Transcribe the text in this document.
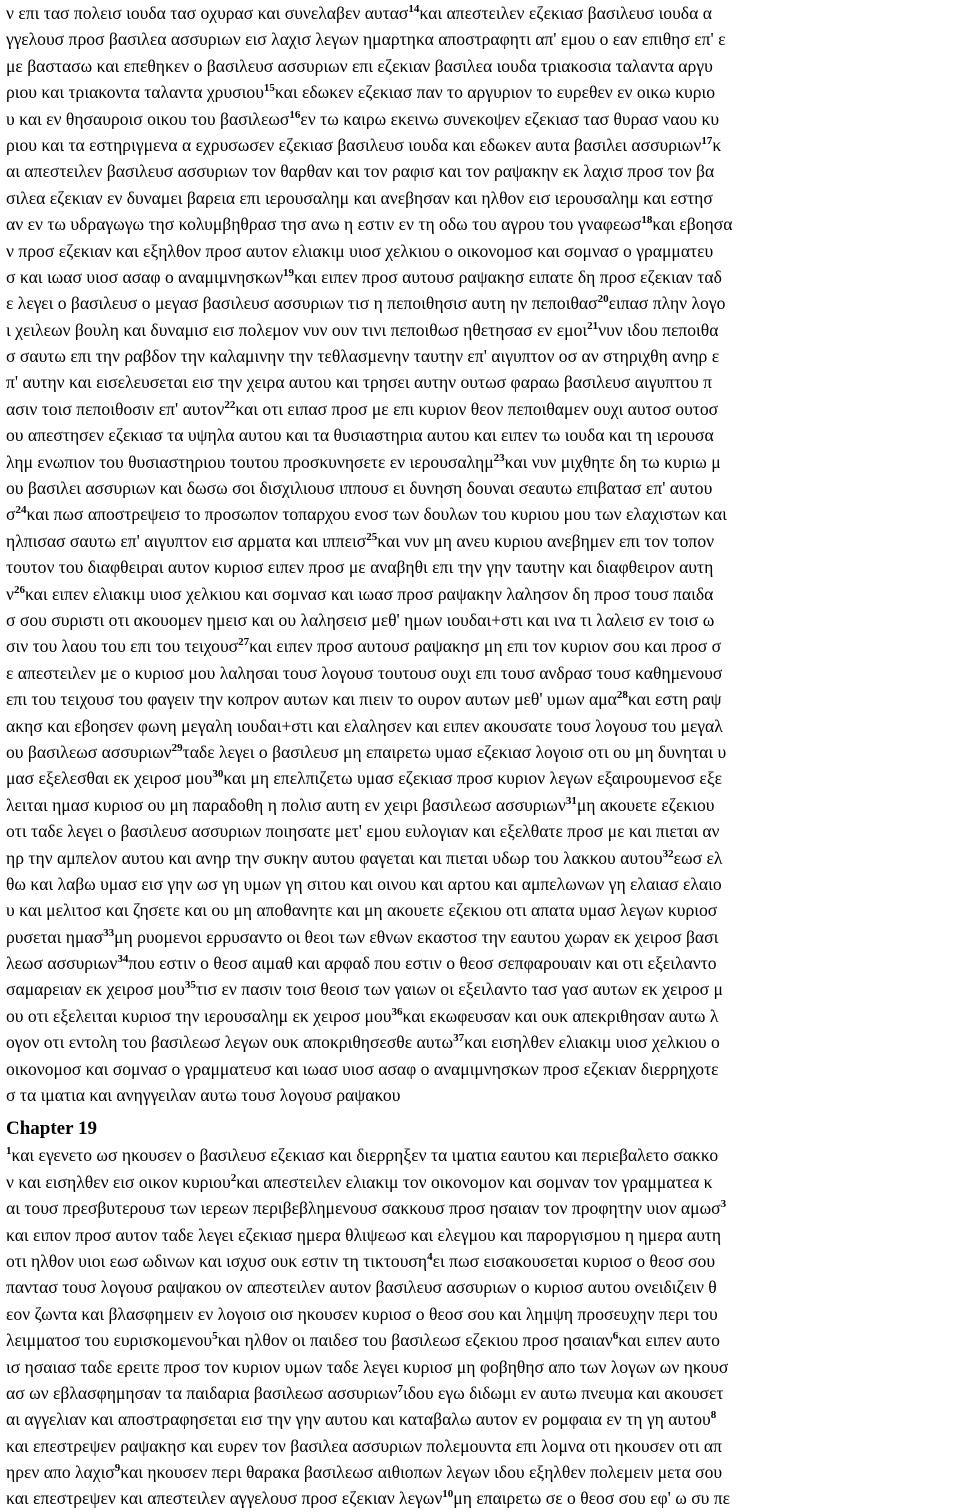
ν επι τασ πολεισ ιουδα τασ οχυρασ και συνελαβεν αυτασ$^{14}$και απεστειλεν εζεκιασ βασιλευσ ιουδα α
γγελουσ προσ βασιλεα ασσυριων εισ λαχισ λεγων ημαρτηκα αποστραφητι απ' εμου ο εαν επιθησ επ' ε
με βαστασω και επεθηκεν ο βασιλευσ ασσυριων επι εζεκιαν βασιλεα ιουδα τριακοσια ταλαντα αργυ
ριου και τριακοντα ταλαντα χρυσιου$^{15}$και εδωκεν εζεκιασ παν το αργυριον το ευρεθεν εν οικω κυριο
υ και εν θησαυροισ οικου του βασιλεωσ$^{16}$εν τω καιρω εκεινω συνεκοψεν εζεκιασ τασ θυρασ ναου κυ
ριου και τα εστηριγμενα α εχρυσωσεν εζεκιασ βασιλευσ ιουδα και εδωκεν αυτα βασιλει ασσυριων$^{17}$κ
αι απεστειλεν βασιλευσ ασσυριων τον θαρθαν και τον ραφισ και τον ραψακην εκ λαχισ προσ τον βα
σιλεα εζεκιαν εν δυναμει βαρεια επι ιερουσαλημ και ανεβησαν και ηλθον εισ ιερουσαλημ και εστησ
αν εν τω υδραγωγω τησ κολυμβηθρασ τησ ανω η εστιν εν τη οδω του αγρου του γναφεωσ$^{18}$και εβοησα
ν προσ εζεκιαν και εξηλθον προσ αυτον ελιακιμ υιοσ χελκιου ο οικονομοσ και σομνασ ο γραμματευ
σ και ιωασ υιοσ ασαφ ο αναμιμνησκων$^{19}$και ειπεν προσ αυτουσ ραψακησ ειπατε δη προσ εζεκιαν ταδ
ε λεγει ο βασιλευσ ο μεγασ βασιλευσ ασσυριων τισ η πεποιθησισ αυτη ην πεποιθασ$^{20}$ειπασ πλην λογο
ι χειλεων βουλη και δυναμισ εισ πολεμον νυν ουν τινι πεποιθωσ ηθετησασ εν εμοι$^{21}$νυν ιδου πεποιθα
σ σαυτω επι την ραβδον την καλαμινην την τεθλασμενην ταυτην επ' αιγυπτον οσ αν στηριχθη ανηρ ε
π' αυτην και εισελευσεται εισ την χειρα αυτου και τρησει αυτην ουτωσ φαραω βασιλευσ αιγυπτου π
ασιν τοισ πεποιθοσιν επ' αυτον$^{22}$και οτι ειπασ προσ με επι κυριον θεον πεποιθαμεν ουχι αυτοσ ουτοσ
ου απεστησεν εζεκιασ τα υψηλα αυτου και τα θυσιαστηρια αυτου και ειπεν τω ιουδα και τη ιερουσα
λημ ενωπιον του θυσιαστηριου τουτου προσκυνησετε εν ιερουσαλημ$^{23}$και νυν μιχθητε δη τω κυριω μ
ου βασιλει ασσυριων και δωσω σοι δισχιλιουσ ιππουσ ει δυνηση δουναι σεαυτω επιβατασ επ' αυτου
$\sigma^{24}\kappa\alpha\iota$ πωσ αποστρεψεισ το προσωπον τοπαρχου ενοσ των δουλων του κυριου μου των ελαχιστων και
ηλπισασ σαυτω επ' αιγυπτον εισ αρματα και ιππεισ$^{25}$και νυν μη ανευ κυριου ανεβημεν επι τον τοπον
τουτον του διαφθειραι αυτον κυριοσ ειπεν προσ με αναβηθι επι την γην ταυτην και διαφθειρον αυτη
$\nu^{26}\kappa\alpha\iota$ ειπεν ελιακιμ υιοσ χελκιου και σομνασ και ιωασ προσ ραψακην λαλησον δη προσ τουσ παιδα
σ σου συριστι οτι ακουομεν ημεισ και ου λαλησεισ μεθ' ημων ιουδαι+στι και ινα τι λαλεισ εν τοισ ω
σιν του λαου του επι του τειχουσ$^{27}$και ειπεν προσ αυτουσ ραψακησ μη επι τον κυριον σου και προσ σ
ε απεστειλεν με ο κυριοσ μου λαλησαι τουσ λογουσ τουτουσ ουχι επι τουσ ανδρασ τουσ καθημενουσ
επι του τειχουσ του φαγειν την κοπρον αυτων και πιειν το ουρον αυτων μεθ' υμων αμα$^{28}$και εστη ραψ
ακησ και εβοησεν φωνη μεγαλη ιουδαι+στι και ελαλησεν και ειπεν ακουσατε τουσ λογουσ του μεγαλ
ου βασιλεωσ ασσυριων$^{29}$ταδε λεγει ο βασιλευσ μη επαιρετω υμασ εζεκιασ λογοισ οτι ου μη δυνηται υ
μασ εξελεσθαι εκ χειροσ μου$^{30}$και μη επελπιζετω υμασ εζεκιασ προσ κυριον λεγων εξαιρουμενοσ εξε
λειται ημασ κυριοσ ου μη παραδοθη η πολισ αυτη εν χειρι βασιλεωσ ασσυριων$^{31}$μη ακουετε εζεκιου
οτι ταδε λεγει ο βασιλευσ ασσυριων ποιησατε μετ' εμου ευλογιαν και εξελθατε προσ με και πιεται αν
ηρ την αμπελον αυτου και ανηρ την συκην αυτου φαγεται και πιεται υδωρ του λακκου αυτου$^{32}$εωσ ελ
θω και λαβω υμασ εισ γην ωσ γη υμων γη σιτου και οινου και αρτου και αμπελωνων γη ελαιασ ελαιο
υ και μελιτοσ και ζησετε και ου μη αποθανητε και μη ακουετε εζεκιου οτι απατα υμασ λεγων κυριοσ
ρυσεται ημασ$^{33}$μη ρυομενοι ερρυσαντο οι θεοι των εθνων εκαστοσ την εαυτου χωραν εκ χειροσ βασι
λεωσ ασσυριων$^{34}$που εστιν ο θεοσ αιμαθ και αρφαδ που εστιν ο θεοσ σεπφαρουαιν και οτι εξειλαντο
σαμαρειαν εκ χειροσ μου$^{35}$τισ εν πασιν τοισ θεοισ των γαιων οι εξειλαντο τασ γασ αυτων εκ χειροσ μ
ου οτι εξελειται κυριοσ την ιερουσαλημ εκ χειροσ μου$^{36}$και εκωφευσαν και ουκ απεκριθησαν αυτω λ
ογον οτι εντολη του βασιλεωσ λεγων ουκ αποκριθησεσθε αυτω$^{37}$και εισηλθεν ελιακιμ υιοσ χελκιου ο
οικονομοσ και σομνασ ο γραμματευσ και ιωασ υιοσ ασαφ ο αναμιμνησκων προσ εζεκιαν διερρηχοτε
σ τα ιματια και ανηγγειλαν αυτω τουσ λογουσ ραψακου
Chapter 19
$^1$και εγενετο ωσ ηκουσεν ο βασιλευσ εζεκιασ και διερρηξεν τα ιματια εαυτου και περιεβαλετο σακκο
ν και εισηλθεν εισ οικον κυριου$^2$και απεστειλεν ελιακιμ τον οικονομον και σομναν τον γραμματεα κ
αι τουσ πρεσβυτερουσ των ιερεων περιβεβλημενουσ σακκουσ προσ ησαιαν τον προφητην υιον αμωσ$^3$
και ειπον προσ αυτον ταδε λεγει εζεκιασ ημερα θλιψεωσ και ελεγμου και παροργισμου η ημερα αυτη
οτι ηλθον υιοι εωσ ωδινων και ισχυσ ουκ εστιν τη τικτουση$^4$ει πωσ εισακουσεται κυριοσ ο θεοσ σου
παντασ τουσ λογουσ ραψακου ον απεστειλεν αυτον βασιλευσ ασσυριων ο κυριοσ αυτου ονειδιζειν θ
εον ζωντα και βλασφημειν εν λογοισ οισ ηκουσεν κυριοσ ο θεοσ σου και λημψη προσευχην περι του
λειμματοσ του ευρισκομενου$^5$και ηλθον οι παιδεσ του βασιλεωσ εζεκιου προσ ησαιαν$^6$και ειπεν αυτο
ισ ησαιασ ταδε ερειτε προσ τον κυριον υμων ταδε λεγει κυριοσ μη φοβηθησ απο των λογων ων ηκουσ
ασ ων εβλασφημησαν τα παιδαρια βασιλεωσ ασσυριων$^7$ιδου εγω διδωμι εν αυτω πνευμα και ακουσετ
αι αγγελιαν και αποστραφησεται εισ την γην αυτου και καταβαλω αυτον εν ρομφαια εν τη γη αυτου$^8$
και επεστρεψεν ραψακησ και ευρεν τον βασιλεα ασσυριων πολεμουντα επι λομνα οτι ηκουσεν οτι απ
ηρεν απο λαχισ$^9$και ηκουσεν περι θαρακα βασιλεωσ αιθιοπων λεγων ιδου εξηλθεν πολεμειν μετα σου
και επεστρεψεν και απεστειλεν αγγελουσ προσ εζεκιαν λεγων$^{10}$μη επαιρετω σε ο θεοσ σου εφ' ω συ πε
